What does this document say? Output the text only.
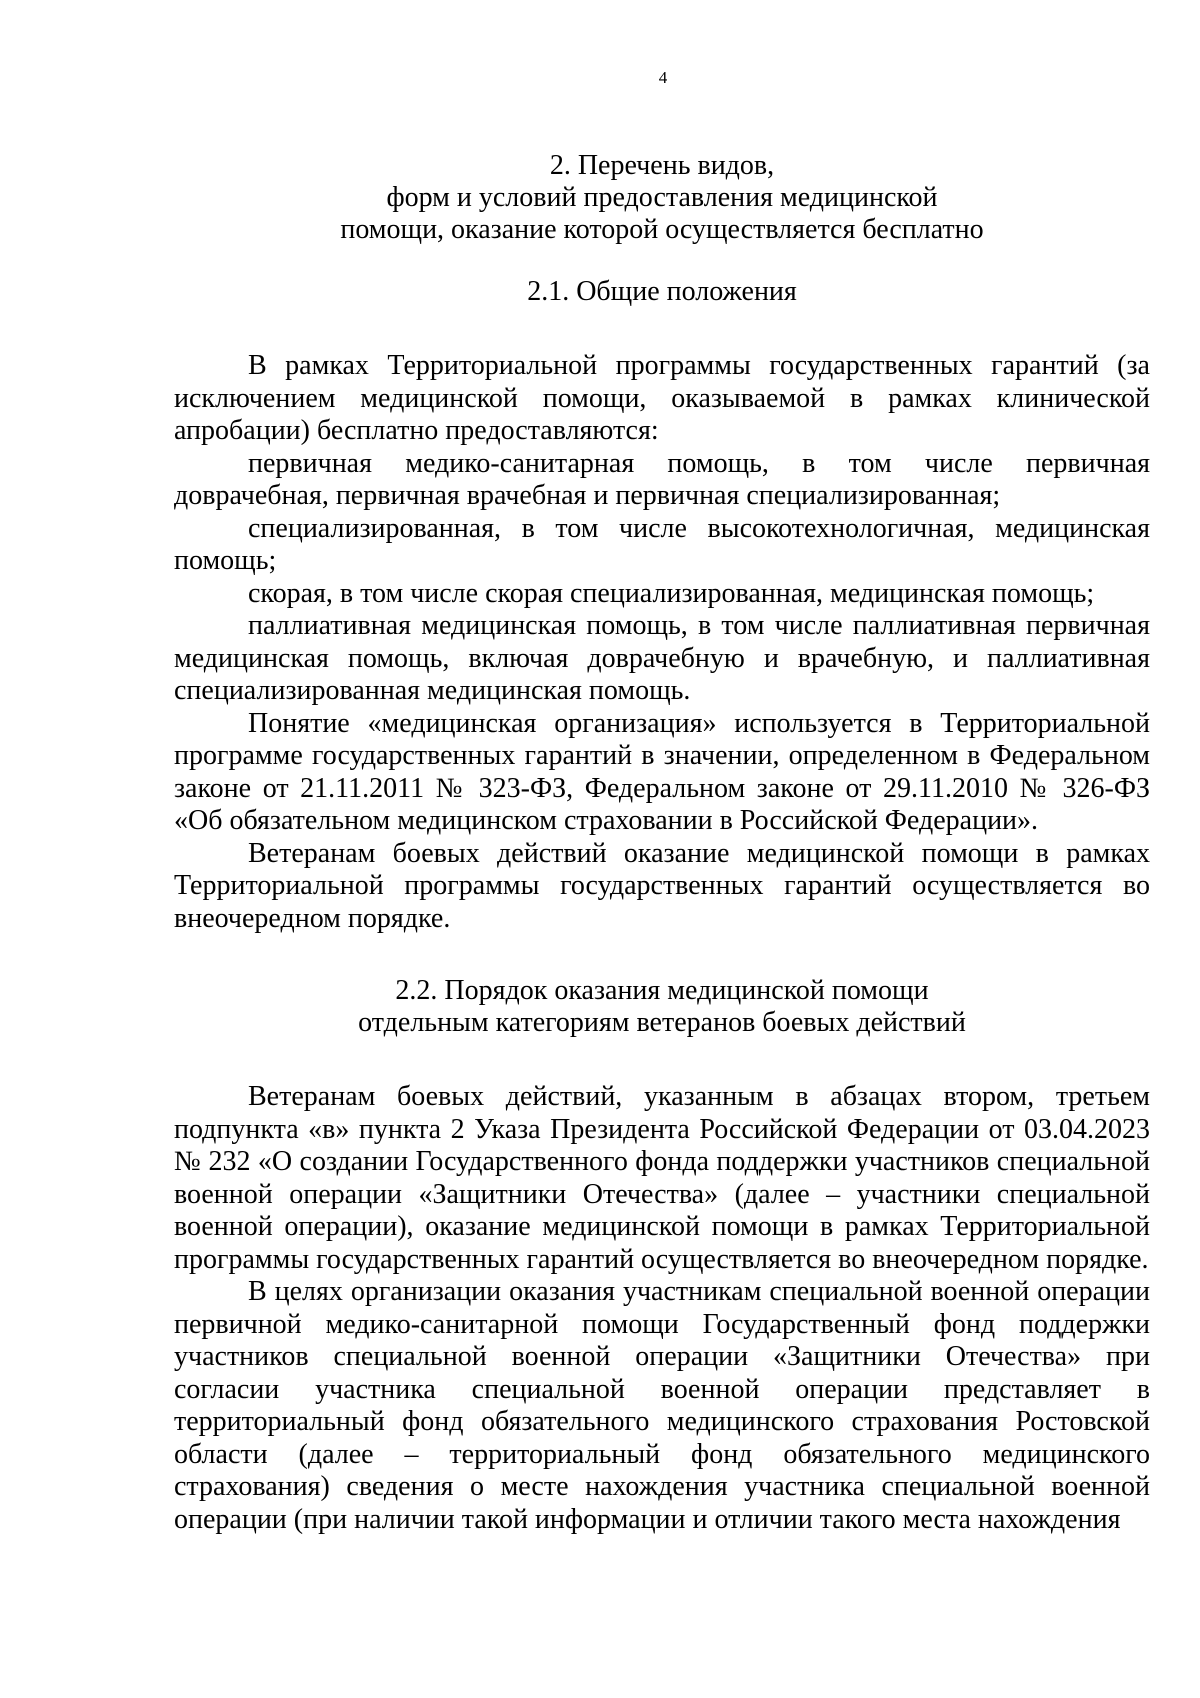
4
2. Перечень видов,
форм и условий предоставления медицинской
помощи, оказание которой осуществляется бесплатно
2.1. Общие положения

В рамках Территориальной программы государственных гарантий (за исключением медицинской помощи, оказываемой в рамках клинической апробации) бесплатно предоставляются:

первичная медико-санитарная помощь, в том числе первичная доврачебная, первичная врачебная и первичная специализированная;

специализированная, в том числе высокотехнологичная, медицинская помощь;

скорая, в том числе скорая специализированная, медицинская помощь;

паллиативная медицинская помощь, в том числе паллиативная первичная медицинская помощь, включая доврачебную и врачебную, и паллиативная специализированная медицинская помощь.

Понятие «медицинская организация» используется в Территориальной программе государственных гарантий в значении, определенном в Федеральном законе от 21.11.2011 № 323-ФЗ, Федеральном законе от 29.11.2010 № 326-ФЗ «Об обязательном медицинском страховании в Российской Федерации».

Ветеранам боевых действий оказание медицинской помощи в рамках Территориальной программы государственных гарантий осуществляется во внеочередном порядке.

2.2. Порядок оказания медицинской помощи
отдельным категориям ветеранов боевых действий

Ветеранам боевых действий, указанным в абзацах втором, третьем подпункта «в» пункта 2 Указа Президента Российской Федерации от 03.04.2023 № 232 «О создании Государственного фонда поддержки участников специальной военной операции «Защитники Отечества» (далее – участники специальной военной операции), оказание медицинской помощи в рамках Территориальной программы государственных гарантий осуществляется во внеочередном порядке.

В целях организации оказания участникам специальной военной операции первичной медико-санитарной помощи Государственный фонд поддержки участников специальной военной операции «Защитники Отечества» при согласии участника специальной военной операции представляет в территориальный фонд обязательного медицинского страхования Ростовской области (далее – территориальный фонд обязательного медицинского страхования) сведения о месте нахождения участника специальной военной операции (при наличии такой информации и отличии такого места нахождения
